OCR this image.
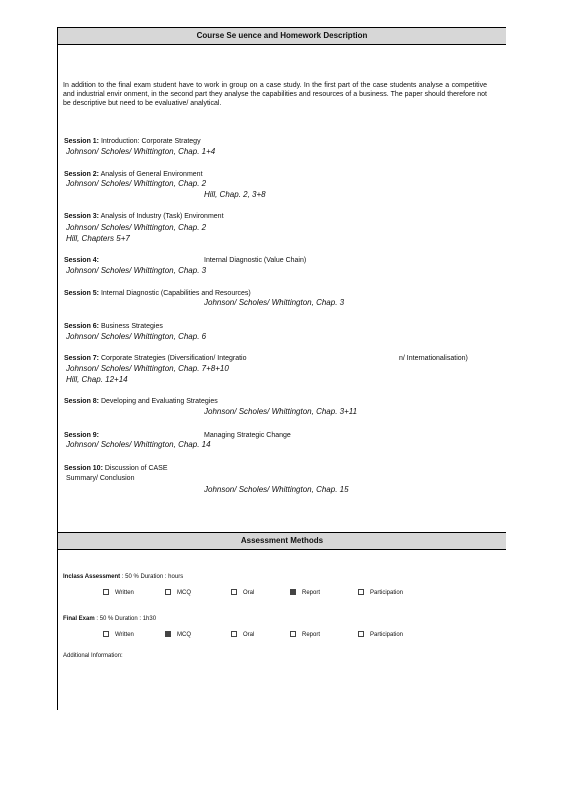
Course Se uence and Homework Description
In addition to the final exam student have to work in group on a case study. In the first part of the case students analyse a competitive and industrial envir onment, in the second part they analyse the capabilities and resources of a business. The paper should therefore not be descriptive but need to be evaluative/ analytical.
Session 1: Introduction: Corporate Strategy
Johnson/ Scholes/ Whittington, Chap. 1+4
Session 2: Analysis of General Environment
Johnson/ Scholes/ Whittington, Chap. 2
Hill, Chap. 2, 3+8
Session 3: Analysis of Industry (Task) Environment
Johnson/ Scholes/ Whittington, Chap. 2
Hill, Chapters 5+7
Session 4:	Internal Diagnostic (Value Chain)
Johnson/ Scholes/ Whittington, Chap. 3
Session 5: Internal Diagnostic (Capabilities and Resources)
Johnson/ Scholes/ Whittington, Chap. 3
Session 6: Business Strategies
Johnson/ Scholes/ Whittington, Chap. 6
Session 7: Corporate Strategies (Diversification/ Integratio	n/ Internationalisation)
Johnson/ Scholes/ Whittington, Chap. 7+8+10
Hill, Chap. 12+14
Session 8: Developing and Evaluating Strategies
Johnson/ Scholes/ Whittington, Chap. 3+11
Session 9:	Managing Strategic Change
Johnson/ Scholes/ Whittington, Chap. 14
Session 10: Discussion of CASE
Summary/ Conclusion
Johnson/ Scholes/ Whittington, Chap. 15
Assessment Methods
Inclass Assessment : 50 % Duration : hours
Written	MCQ	Oral	Report	Participation
Final Exam : 50 % Duration : 1h30
Written	MCQ	Oral	Report	Participation
Additional Information:
